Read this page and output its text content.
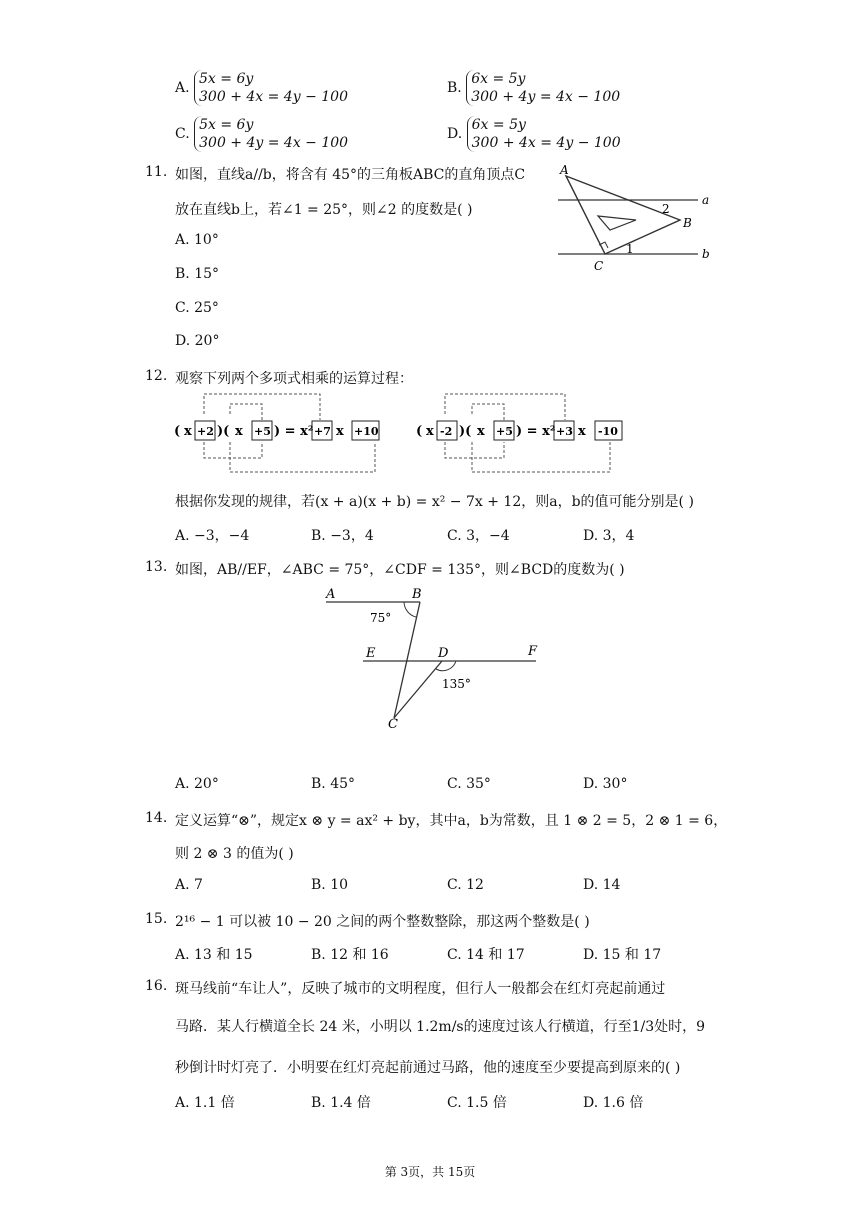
A. 5x = 6y
300 + 4x = 4y − 100
B. 6x = 5y
300 + 4y = 4x − 100
C. 5x = 6y
300 + 4y = 4x − 100
D. 6x = 5y
300 + 4x = 4y − 100
11. 如图，直线a//b，将含有 45°的三角板ABC的直角顶点C
放在直线b上，若∠1 = 25°，则∠2 的度数是( )
A. 10°
B. 15°
C. 25°
D. 20°
A
B
C
a
b
1
2
12. 观察下列两个多项式相乘的运算过程：
( x +2 )( x +5 ) = x² +7 x +10	( x -2 )( x +5 ) = x² +3 x -10
根据你发现的规律，若(x + a)(x + b) = x² − 7x + 12，则a，b的值可能分别是( )
A. −3，−4	B. −3，4	C. 3，−4	D. 3，4
13. 如图，AB//EF，∠ABC = 75°，∠CDF = 135°，则∠BCD的度数为( )
A	B
E	D	F
C
75°
135°
A. 20°	B. 45°	C. 35°	D. 30°
14. 定义运算“⊗”，规定x ⊗ y = ax² + by，其中a，b为常数，且 1 ⊗ 2 = 5，2 ⊗ 1 = 6，
则 2 ⊗ 3 的值为( )
A. 7	B. 10	C. 12	D. 14
15. 2¹⁶ − 1 可以被 10 − 20 之间的两个整数整除，那这两个整数是( )
A. 13 和 15	B. 12 和 16	C. 14 和 17	D. 15 和 17
16. 斑马线前“车让人”，反映了城市的文明程度，但行人一般都会在红灯亮起前通过
马路．某人行横道全长 24 米，小明以 1.2m/s的速度过该人行横道，行至1/3处时，9
秒倒计时灯亮了．小明要在红灯亮起前通过马路，他的速度至少要提高到原来的( )
A. 1.1 倍	B. 1.4 倍	C. 1.5 倍	D. 1.6 倍
第 3页，共 15页
